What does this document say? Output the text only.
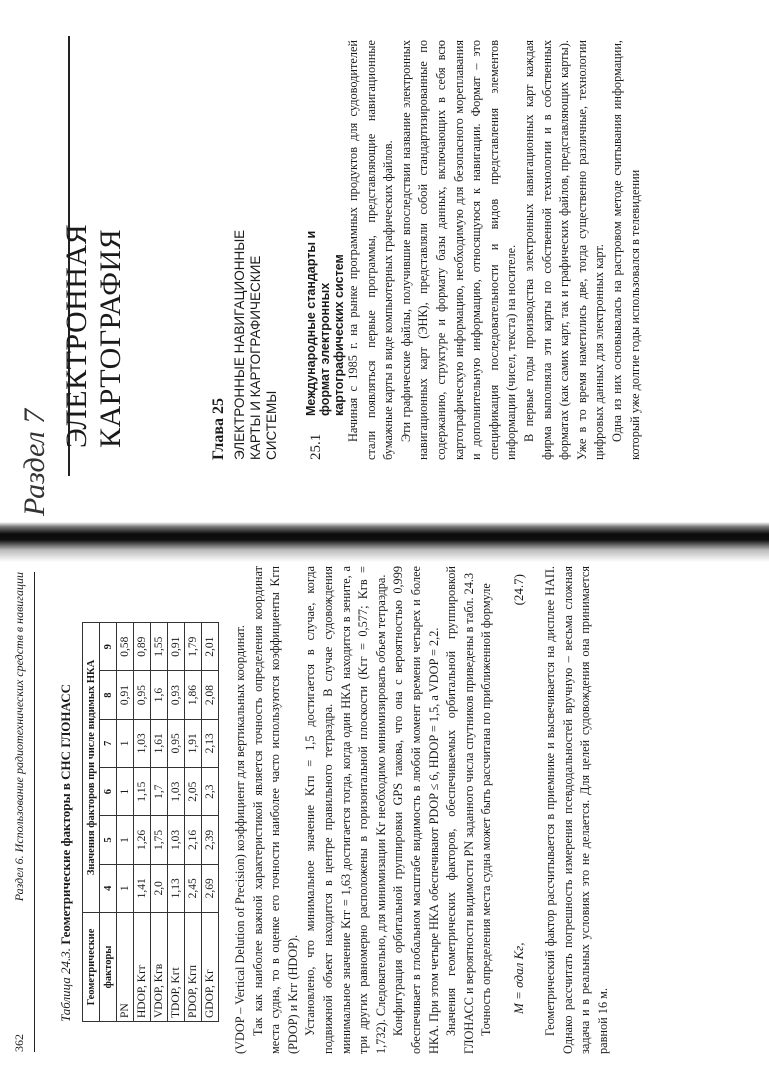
362
Раздел 6. Использование радиотехнических средств в навигации
Таблица 24.3. Геометрические факторы в СНС ГЛОНАСС
Геометрические	Значения факторов при числе видимых НКА					
факторы	4	5	6	7	8	9
PN	1	1	1	1	0,91	0,58
HDOP, Kгг	1,41	1,26	1,15	1,03	0,95	0,89
VDOP, Kгв	2,0	1,75	1,7	1,61	1,6	1,55
TDOP, Kгt	1,13	1,03	1,03	0,95	0,93	0,91
PDOP, Kгп	2,45	2,16	2,05	1,91	1,86	1,79
GDOP, Kг	2,69	2,39	2,3	2,13	2,08	2,01 (VDOP – Vertical Delution of Precision) коэффициент для вертикальных координат. Так как наиболее важной характеристикой является точность определения координат места судна, то в оценке его точности наиболее часто используются коэффициенты Kгп (PDOP) и Kгг (HDOP). Установлено, что минимальное значение Kгп = 1,5 достигается в случае, когда подвижной объект находится в центре правильного тетраэдра. В случае судовождения минимальное значение Kгг = 1,63 достигается тогда, когда один НКА находится в зените, а три других равномерно расположены в горизонтальной плоскости (Kгг = 0,577; Kгв = 1,732). Следовательно, для минимизации Kг необходимо минимизировать объем тетраэдра. Конфигурация орбитальной группировки GPS такова, что она с вероятностью 0,999 обеспечивает в глобальном масштабе видимость в любой момент времени четырех и более НКА. При этом четыре НКА обеспечивают PDOP ≤ 6, HDOP = 1,5, а VDOP = 2,2. Значения геометрических факторов, обеспечиваемых орбитальной группировкой ГЛОНАСС и вероятности видимости PN заданного числа спутников приведены в табл. 24.3 Точность определения места судна может быть рассчитана по приближенной формуле M = σдал Kг,
(24.7) Геометрический фактор рассчитывается в приемнике и высвечивается на дисплее НАП. Однако рассчитать погрешность измерения псевдодальностей вручную – весьма сложная задача и в реальных условиях это не делается. Для целей судовождения она принимается равной 16 м.

Раздел 7
ЭЛЕКТРОННАЯ КАРТОГРАФИЯ	Глава 25 ЭЛЕКТРОННЫЕ НАВИГАЦИОННЫЕ КАРТЫ И КАРТОГРАФИЧЕСКИЕ СИСТЕМЫ 25.1
Международные стандарты и формат электронных картографических систем Начиная с 1985 г. на рынке программных продуктов для судоводителей стали появляться первые программы, представляющие навигационные бумажные карты в виде компьютерных графических файлов. Эти графические файлы, получившие впоследствии название электронных навигационных карт (ЭНК), представляли собой стандартизированные по содержанию, структуре и формату базы данных, включающих в себя всю картографическую информацию, необходимую для безопасного мореплавания и дополнительную информацию, относящуюся к навигации. Формат – это спецификация последовательности и видов представления элементов информации (чисел, текста) на носителе. В первые годы производства электронных навигационных карт каждая фирма выполняла эти карты по собственной технологии и в собственных форматах (как самих карт, так и графических файлов, представляющих карты). Уже в то время наметились две, тогда существенно различные, технологии цифровых данных для электронных карт. Одна из них основывалась на растровом методе считывания информации, который уже долгие годы использовался в телевидении
